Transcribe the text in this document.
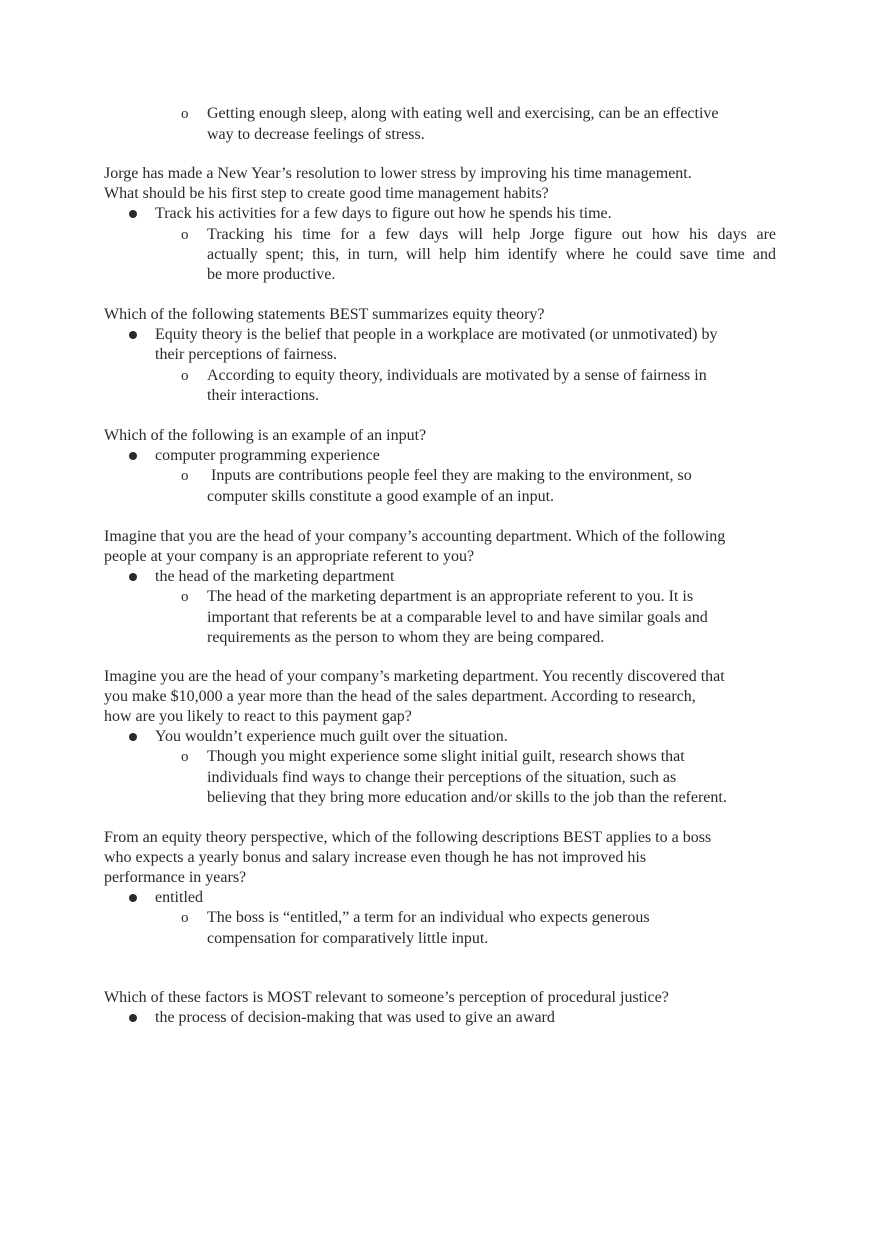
o Getting enough sleep, along with eating well and exercising, can be an effective
way to decrease feelings of stress.
Jorge has made a New Year’s resolution to lower stress by improving his time management.
What should be his first step to create good time management habits?
Track his activities for a few days to figure out how he spends his time.
o Tracking his time for a few days will help Jorge figure out how his days are
actually spent; this, in turn, will help him identify where he could save time and
be more productive.
Which of the following statements BEST summarizes equity theory?
Equity theory is the belief that people in a workplace are motivated (or unmotivated) by
their perceptions of fairness.
o According to equity theory, individuals are motivated by a sense of fairness in
their interactions.
Which of the following is an example of an input?
computer programming experience
o Inputs are contributions people feel they are making to the environment, so
computer skills constitute a good example of an input.
Imagine that you are the head of your company’s accounting department. Which of the following
people at your company is an appropriate referent to you?
the head of the marketing department
o The head of the marketing department is an appropriate referent to you. It is
important that referents be at a comparable level to and have similar goals and
requirements as the person to whom they are being compared.
Imagine you are the head of your company’s marketing department. You recently discovered that
you make $10,000 a year more than the head of the sales department. According to research,
how are you likely to react to this payment gap?
You wouldn’t experience much guilt over the situation.
o Though you might experience some slight initial guilt, research shows that
individuals find ways to change their perceptions of the situation, such as
believing that they bring more education and/or skills to the job than the referent.
From an equity theory perspective, which of the following descriptions BEST applies to a boss
who expects a yearly bonus and salary increase even though he has not improved his
performance in years?
entitled
o The boss is “entitled,” a term for an individual who expects generous
compensation for comparatively little input.
Which of these factors is MOST relevant to someone’s perception of procedural justice?
the process of decision-making that was used to give an award
